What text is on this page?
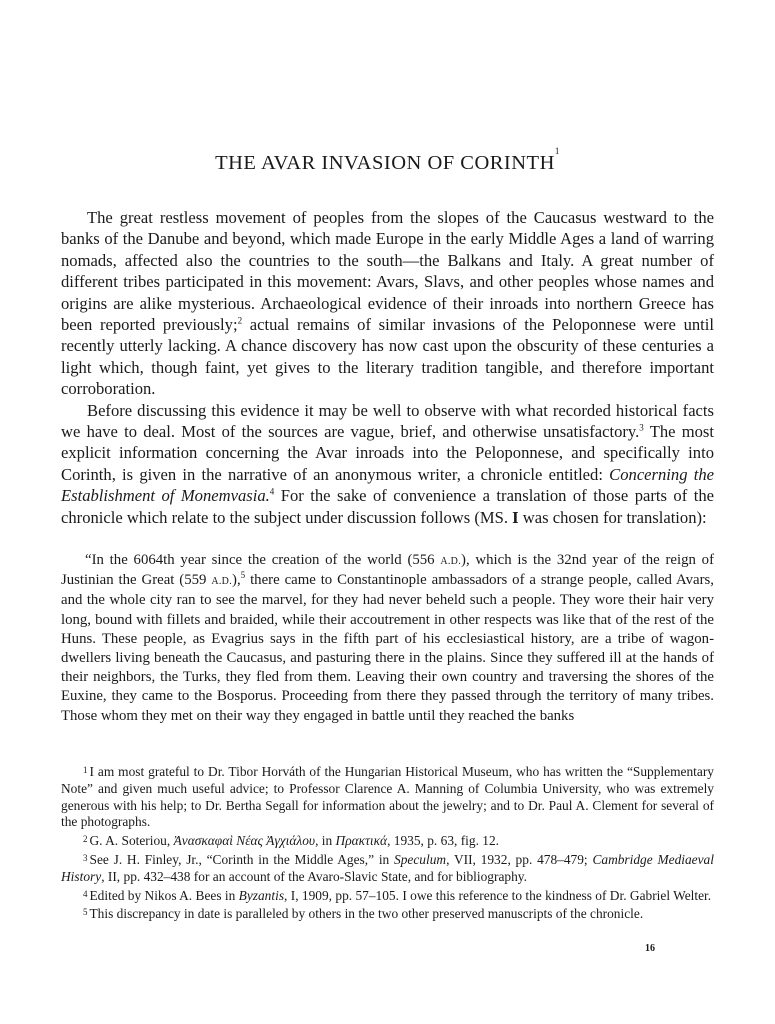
THE AVAR INVASION OF CORINTH$^1$

The great restless movement of peoples from the slopes of the Caucasus westward to the banks of the Danube and beyond, which made Europe in the early Middle Ages a land of warring nomads, affected also the countries to the south—the Balkans and Italy. A great number of different tribes participated in this movement: Avars, Slavs, and other peoples whose names and origins are alike mysterious. Archaeological evidence of their inroads into northern Greece has been reported previously;$^2$ actual remains of similar invasions of the Peloponnese were until recently utterly lacking. A chance discovery has now cast upon the obscurity of these centuries a light which, though faint, yet gives to the literary tradition tangible, and therefore important corroboration.

Before discussing this evidence it may be well to observe with what recorded historical facts we have to deal. Most of the sources are vague, brief, and otherwise unsatisfactory.$^3$ The most explicit information concerning the Avar inroads into the Peloponnese, and specifically into Corinth, is given in the narrative of an anonymous writer, a chronicle entitled: Concerning the Establishment of Monemvasia.$^4$ For the sake of convenience a translation of those parts of the chronicle which relate to the subject under discussion follows (MS. I was chosen for translation):

“In the 6064th year since the creation of the world (556 A.D.), which is the 32nd year of the reign of Justinian the Great (559 A.D.),$^5$ there came to Constantinople ambassadors of a strange people, called Avars, and the whole city ran to see the marvel, for they had never beheld such a people. They wore their hair very long, bound with fillets and braided, while their accoutrement in other respects was like that of the rest of the Huns. These people, as Evagrius says in the fifth part of his ecclesiastical history, are a tribe of wagon-dwellers living beneath the Caucasus, and pasturing there in the plains. Since they suffered ill at the hands of their neighbors, the Turks, they fled from them. Leaving their own country and traversing the shores of the Euxine, they came to the Bosporus. Proceeding from there they passed through the territory of many tribes. Those whom they met on their way they engaged in battle until they reached the banks

$^1$ I am most grateful to Dr. Tibor Horváth of the Hungarian Historical Museum, who has written the “Supplementary Note” and given much useful advice; to Professor Clarence A. Manning of Columbia University, who was extremely generous with his help; to Dr. Bertha Segall for information about the jewelry; and to Dr. Paul A. Clement for several of the photographs.

$^2$ G. A. Soteriou, Ἀνασκαφαὶ Νέας Ἀγχιάλου, in Πρακτικά, 1935, p. 63, fig. 12.

$^3$ See J. H. Finley, Jr., “Corinth in the Middle Ages,” in Speculum, VII, 1932, pp. 478–479; Cambridge Mediaeval History, II, pp. 432–438 for an account of the Avaro-Slavic State, and for bibliography.

$^4$ Edited by Nikos A. Bees in Byzantis, I, 1909, pp. 57–105. I owe this reference to the kindness of Dr. Gabriel Welter.

$^5$ This discrepancy in date is paralleled by others in the two other preserved manuscripts of the chronicle.

16
